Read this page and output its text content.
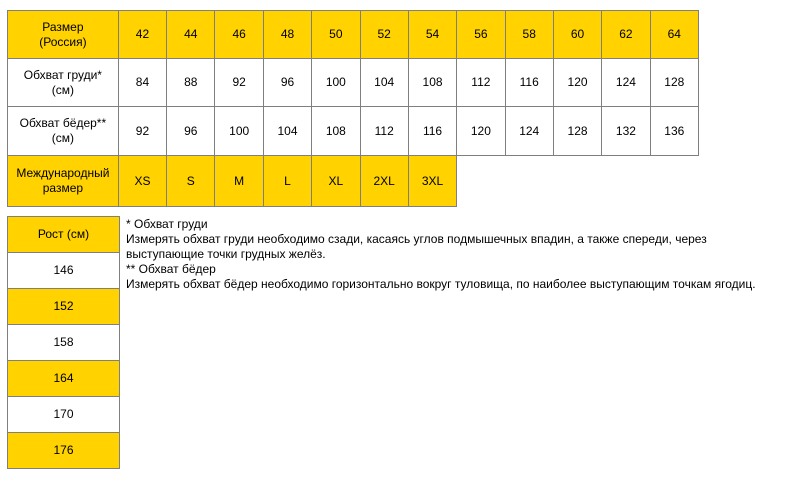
Размер
(Россия)	42	44	46	48	50	52	54	56	58	60	62	64
Обхват груди*
(см)	84	88	92	96	100	104	108	112	116	120	124	128
Обхват бёдер**
(см)	92	96	100	104	108	112	116	120	124	128	132	136
Международный
размер	XS	S	M	L	XL	2XL	3XL					
Рост (см)
146
152
158
164
170
176
* Обхват груди
Измерять обхват груди необходимо сзади, касаясь углов подмышечных впадин, а также спереди, через
выступающие точки грудных желёз.
** Обхват бёдер
Измерять обхват бёдер необходимо горизонтально вокруг туловища, по наиболее выступающим точкам ягодиц.
